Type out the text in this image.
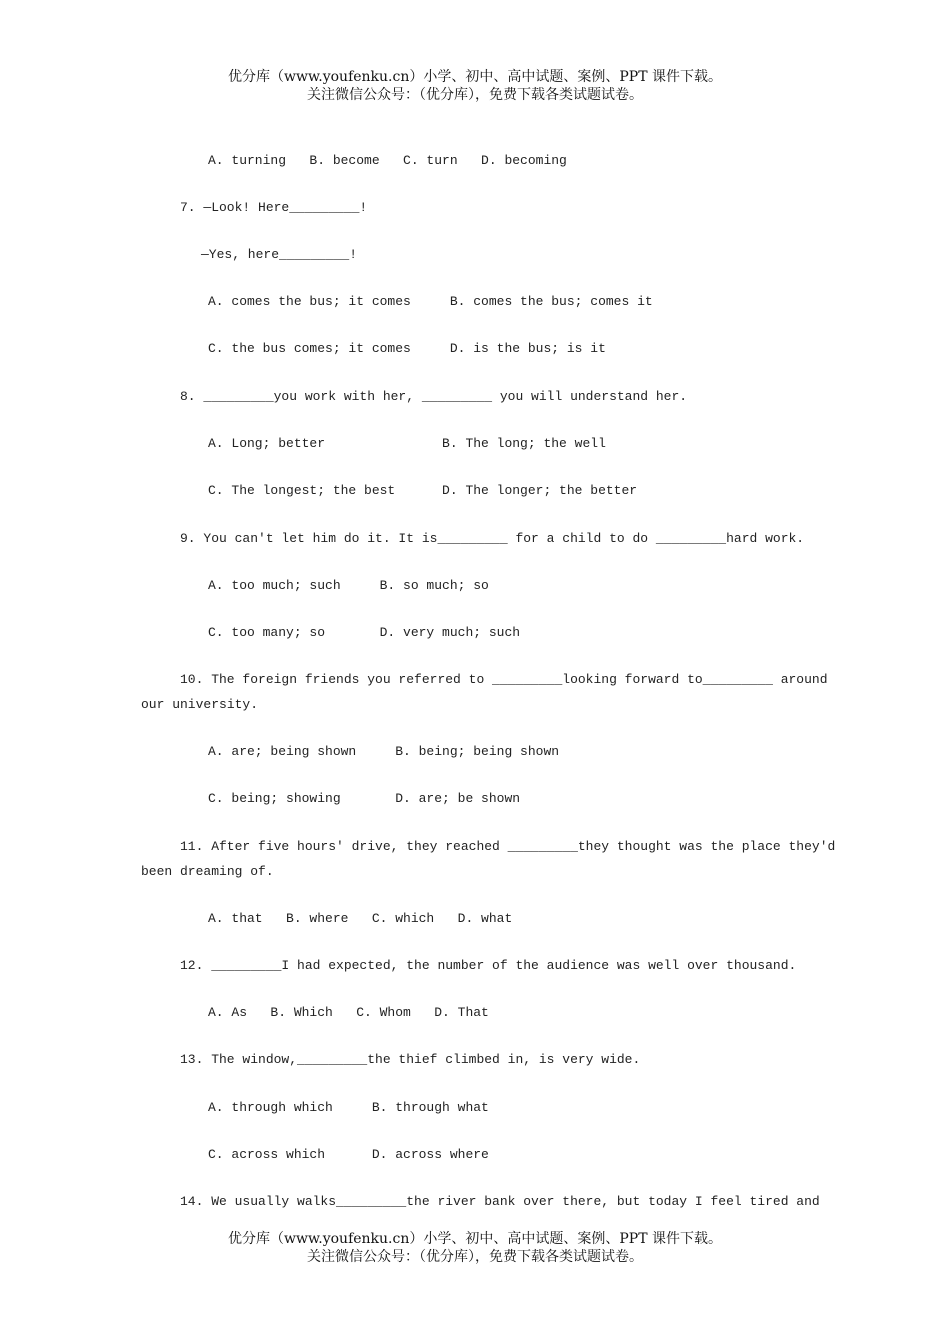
优分库（www.youfenku.cn）小学、初中、高中试题、案例、PPT 课件下载。
关注微信公众号：（优分库），免费下载各类试题试卷。
A. turning   B. become   C. turn   D. becoming
7. —Look! Here_________!
—Yes, here_________!
A. comes the bus; it comes     B. comes the bus; comes it
C. the bus comes; it comes     D. is the bus; is it
8. _________you work with her, _________ you will understand her.
A. Long; better               B. The long; the well
C. The longest; the best      D. The longer; the better
9. You can't let him do it. It is_________ for a child to do _________hard work.
A. too much; such     B. so much; so
C. too many; so       D. very much; such
10. The foreign friends you referred to _________looking forward to_________ around
our university.
A. are; being shown     B. being; being shown
C. being; showing       D. are; be shown
11. After five hours' drive, they reached _________they thought was the place they'd
been dreaming of.
A. that   B. where   C. which   D. what
12. _________I had expected, the number of the audience was well over thousand.
A. As   B. Which   C. Whom   D. That
13. The window,_________the thief climbed in, is very wide.
A. through which     B. through what
C. across which      D. across where
14. We usually walks_________the river bank over there, but today I feel tired and
优分库（www.youfenku.cn）小学、初中、高中试题、案例、PPT 课件下载。
关注微信公众号：（优分库），免费下载各类试题试卷。
